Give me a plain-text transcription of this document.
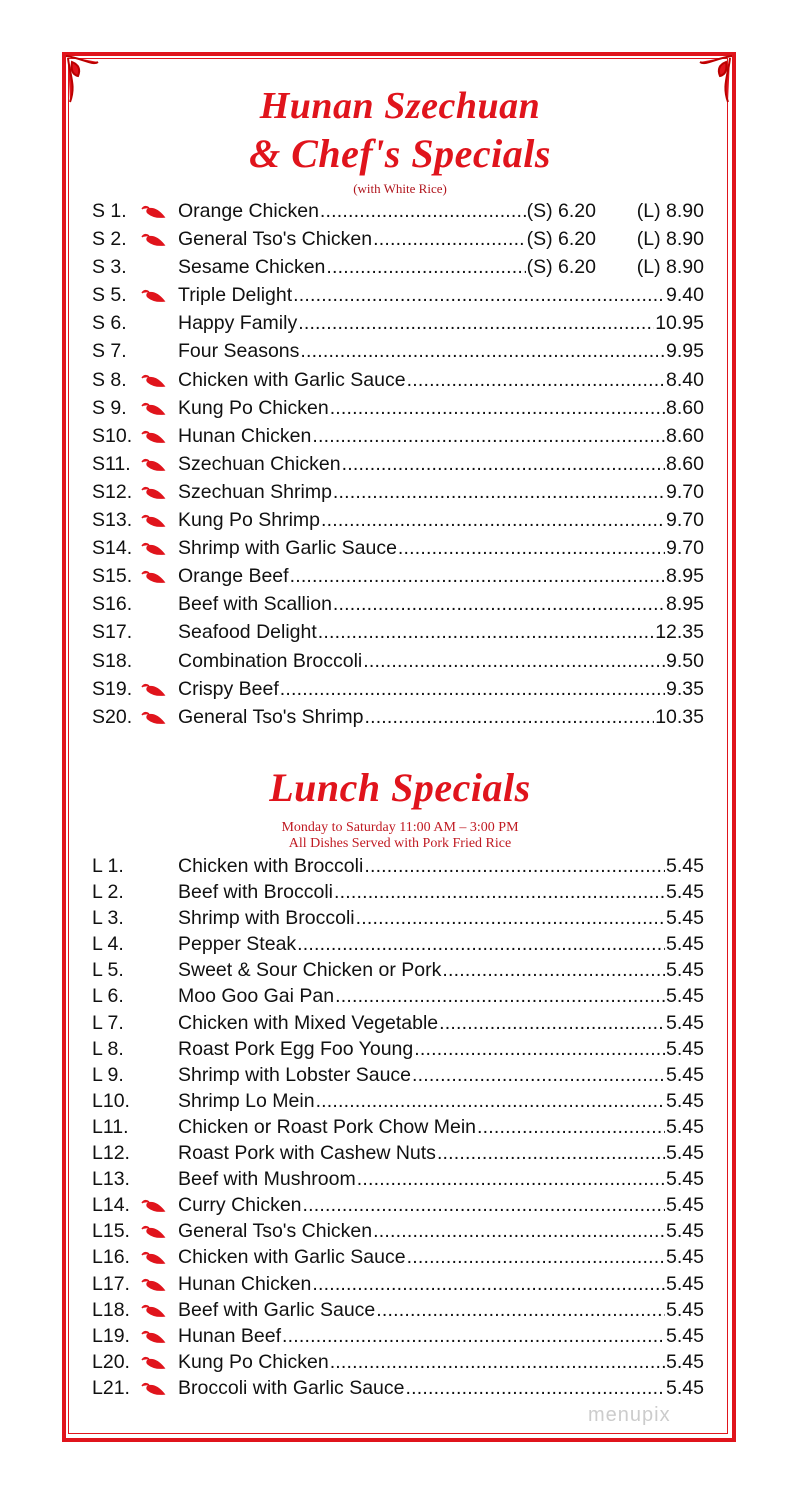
Hunan Szechuan
& Chef's Specials
(with White Rice)
S 1.	Orange Chicken .....	(S) 6.20	(L) 8.90
S 2.	General Tso's Chicken .....	(S) 6.20	(L) 8.90
S 3.	Sesame Chicken .....	(S) 6.20	(L) 8.90
S 5.	Triple Delight .....	9.40
S 6.	Happy Family .....	10.95
S 7.	Four Seasons .....	9.95
S 8.	Chicken with Garlic Sauce .....	8.40
S 9.	Kung Po Chicken .....	8.60
S10.	Hunan Chicken .....	8.60
S11.	Szechuan Chicken .....	8.60
S12.	Szechuan Shrimp .....	9.70
S13.	Kung Po Shrimp .....	9.70
S14.	Shrimp with Garlic Sauce .....	9.70
S15.	Orange Beef .....	8.95
S16.	Beef with Scallion .....	8.95
S17.	Seafood Delight .....	12.35
S18.	Combination Broccoli .....	9.50
S19.	Crispy Beef .....	9.35
S20.	General Tso's Shrimp .....	10.35
Lunch Specials
Monday to Saturday 11:00 AM – 3:00 PM
All Dishes Served with Pork Fried Rice
L 1.	Chicken with Broccoli .....	5.45
L 2.	Beef with Broccoli .....	5.45
L 3.	Shrimp with Broccoli .....	5.45
L 4.	Pepper Steak .....	5.45
L 5.	Sweet & Sour Chicken or Pork .....	5.45
L 6.	Moo Goo Gai Pan .....	5.45
L 7.	Chicken with Mixed Vegetable .....	5.45
L 8.	Roast Pork Egg Foo Young .....	5.45
L 9.	Shrimp with Lobster Sauce .....	5.45
L10.	Shrimp Lo Mein .....	5.45
L11.	Chicken or Roast Pork Chow Mein .....	5.45
L12.	Roast Pork with Cashew Nuts .....	5.45
L13.	Beef with Mushroom .....	5.45
L14.	Curry Chicken .....	5.45
L15.	General Tso's Chicken .....	5.45
L16.	Chicken with Garlic Sauce .....	5.45
L17.	Hunan Chicken .....	5.45
L18.	Beef with Garlic Sauce .....	5.45
L19.	Hunan Beef .....	5.45
L20.	Kung Po Chicken .....	5.45
L21.	Broccoli with Garlic Sauce .....	5.45
menupix
